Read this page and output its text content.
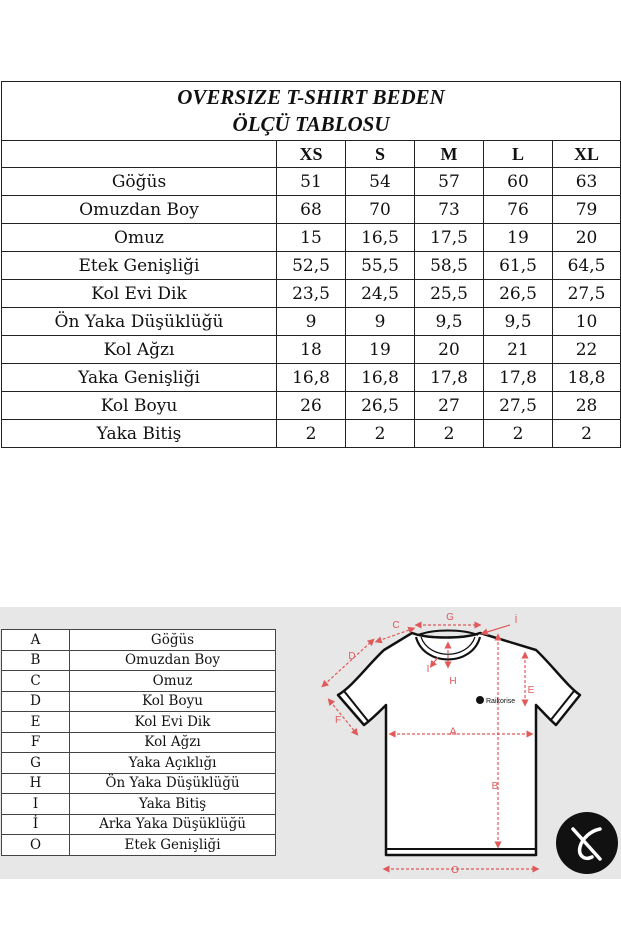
OVERSIZE T-SHIRT BEDEN
ÖLÇÜ TABLOSU					

	XS	S	M	L	XL
Göğüs	51	54	57	60	63
Omuzdan Boy	68	70	73	76	79
Omuz	15	16,5	17,5	19	20
Etek Genişliği	52,5	55,5	58,5	61,5	64,5
Kol Evi Dik	23,5	24,5	25,5	26,5	27,5
Ön Yaka Düşüklüğü	9	9	9,5	9,5	10
Kol Ağzı	18	19	20	21	22
Yaka Genişliği	16,8	16,8	17,8	17,8	18,8
Kol Boyu	26	26,5	27	27,5	28
Yaka Bitiş	2	2	2	2	2
A	Göğüs
B	Omuzdan Boy
C	Omuz
D	Kol Boyu
E	Kol Evi Dik
F	Kol Ağzı
G	Yaka Açıklığı
H	Ön Yaka Düşüklüğü
I	Yaka Bitiş
İ	Arka Yaka Düşüklüğü
O	Etek Genişliği
G	İ
C
D
I
H
E
F
A
B
O
Raikorise
